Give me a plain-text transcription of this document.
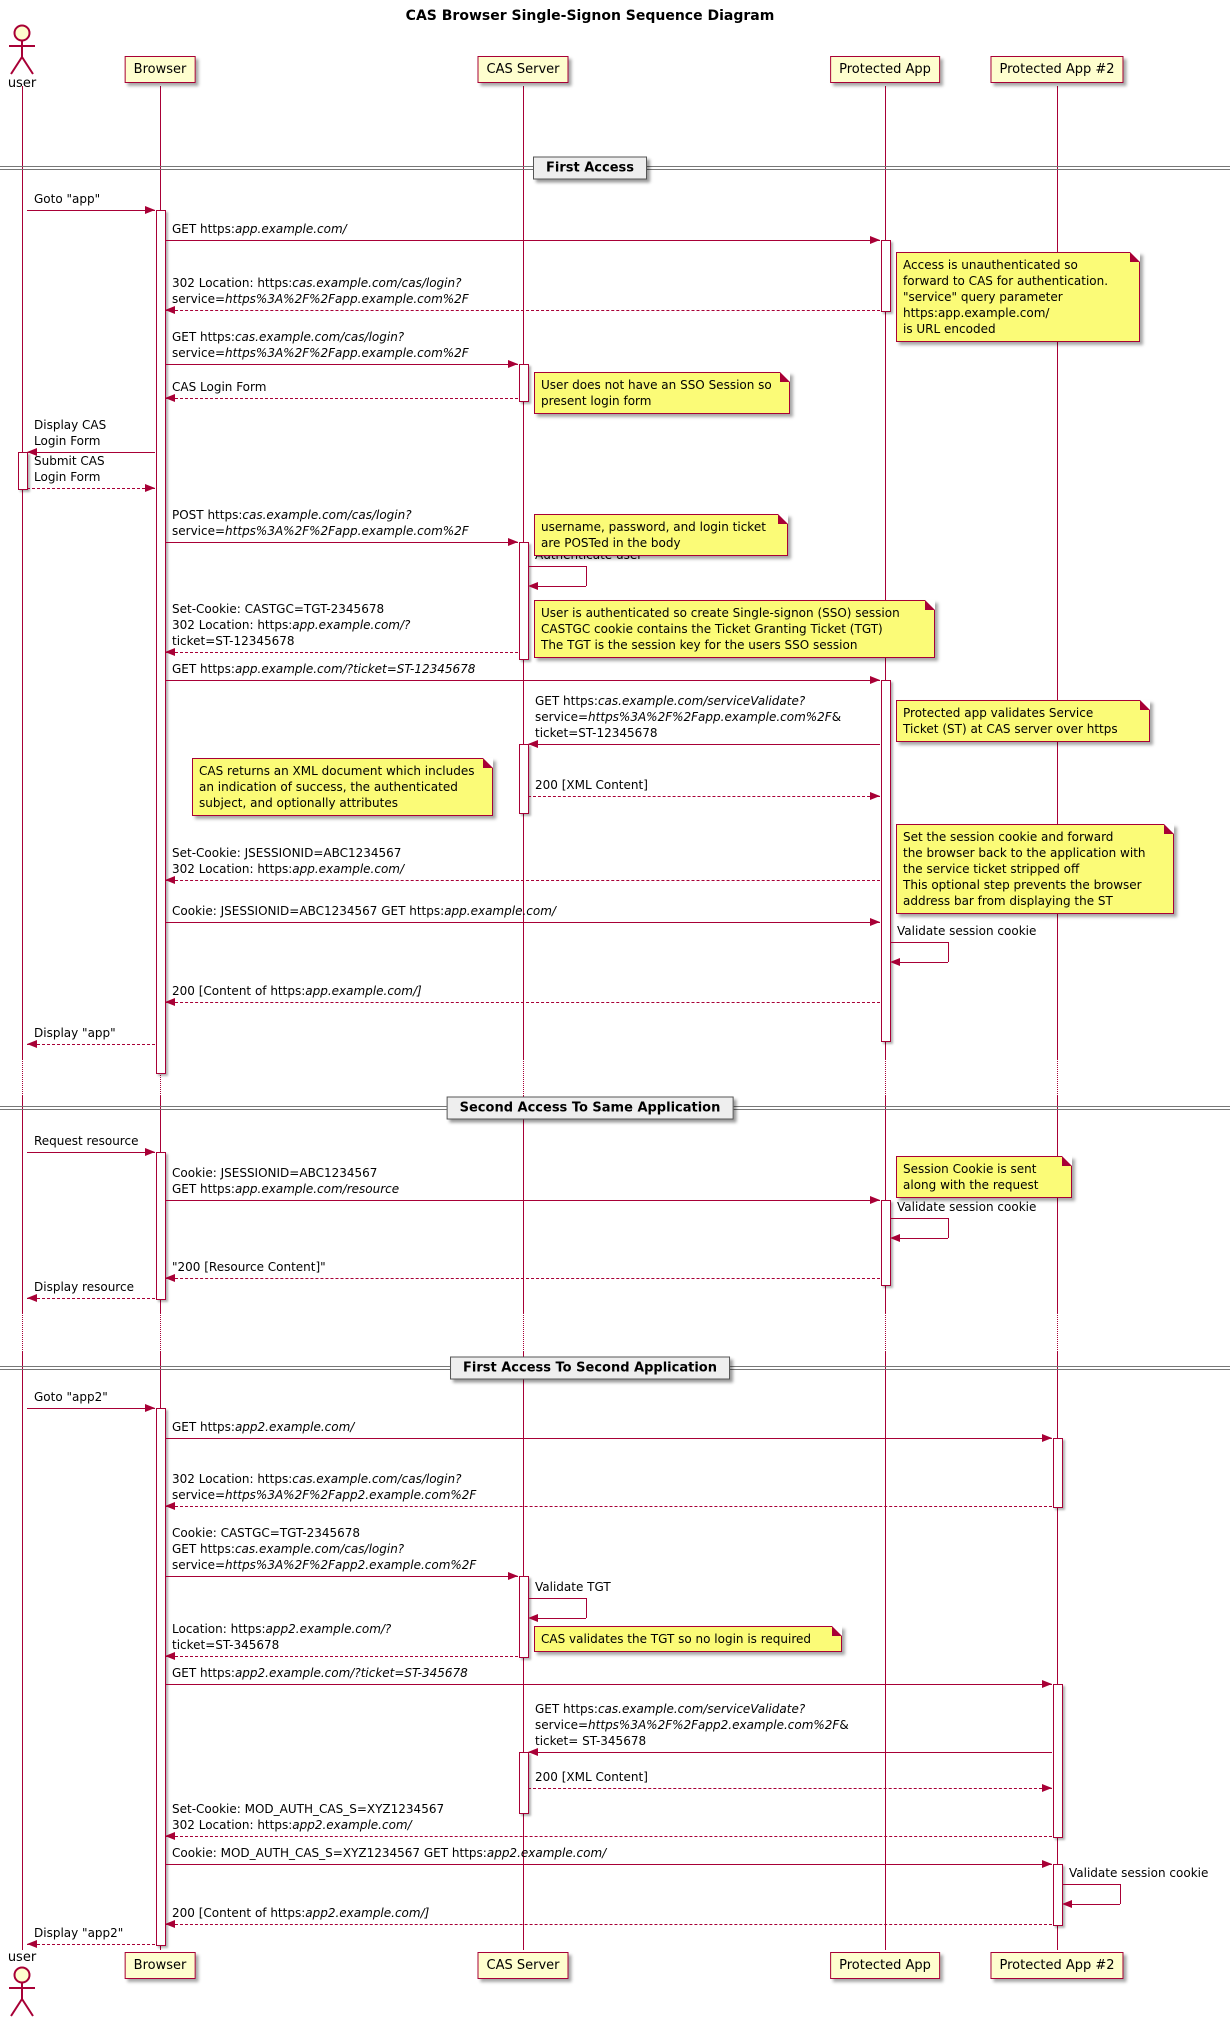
CAS Browser Single-Signon Sequence Diagram
user
user
Browser
Browser
CAS Server
CAS Server
Protected App
Protected App
Protected App #2
Protected App #2
First Access
Second Access To Same Application
First Access To Second Application
Access is unauthenticated so
forward to CAS for authentication.
"service" query parameter
https:app.example.com/
is URL encoded
User does not have an SSO Session so
present login form
username, password, and login ticket
are POSTed in the body
User is authenticated so create Single-signon (SSO) session
CASTGC cookie contains the Ticket Granting Ticket (TGT)
The TGT is the session key for the users SSO session
Protected app validates Service
Ticket (ST) at CAS server over https
CAS returns an XML document which includes
an indication of success, the authenticated
subject, and optionally attributes
Set the session cookie and forward
the browser back to the application with
the service ticket stripped off
This optional step prevents the browser
address bar from displaying the ST
Session Cookie is sent
along with the request
CAS validates the TGT so no login is required
Goto "app"
GET https:app.example.com/
302 Location: https:cas.example.com/cas/login?
service=https%3A%2F%2Fapp.example.com%2F
GET https:cas.example.com/cas/login?
service=https%3A%2F%2Fapp.example.com%2F
CAS Login Form
Display CAS
Login Form
Submit CAS
Login Form
POST https:cas.example.com/cas/login?
service=https%3A%2F%2Fapp.example.com%2F
Set-Cookie: CASTGC=TGT-2345678
302 Location: https:app.example.com/?
ticket=ST-12345678
GET https:app.example.com/?ticket=ST-12345678
GET https:cas.example.com/serviceValidate?
service=https%3A%2F%2Fapp.example.com%2F&
ticket=ST-12345678
200 [XML Content]
Set-Cookie: JSESSIONID=ABC1234567
302 Location: https:app.example.com/
Cookie: JSESSIONID=ABC1234567 GET https:app.example.com/
Validate session cookie
200 [Content of https:app.example.com/]
Display "app"
Request resource
Cookie: JSESSIONID=ABC1234567
GET https:app.example.com/resource
Validate session cookie
"200 [Resource Content]"
Display resource
Goto "app2"
GET https:app2.example.com/
302 Location: https:cas.example.com/cas/login?
service=https%3A%2F%2Fapp2.example.com%2F
Cookie: CASTGC=TGT-2345678
GET https:cas.example.com/cas/login?
service=https%3A%2F%2Fapp2.example.com%2F
Validate TGT
Location: https:app2.example.com/?
ticket=ST-345678
GET https:app2.example.com/?ticket=ST-345678
GET https:cas.example.com/serviceValidate?
service=https%3A%2F%2Fapp2.example.com%2F&
ticket= ST-345678
200 [XML Content]
Set-Cookie: MOD_AUTH_CAS_S=XYZ1234567
302 Location: https:app2.example.com/
Cookie: MOD_AUTH_CAS_S=XYZ1234567 GET https:app2.example.com/
Validate session cookie
200 [Content of https:app2.example.com/]
Display "app2"
